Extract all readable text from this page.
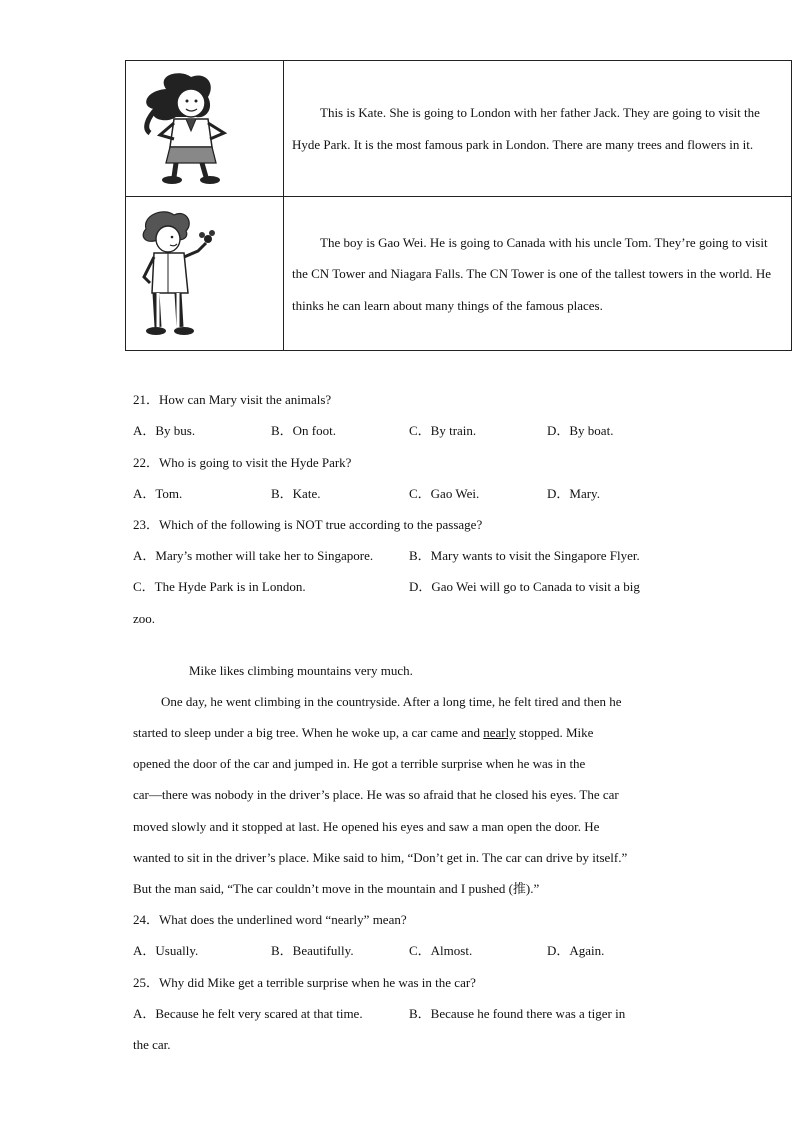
This is Kate. She is going to London with her father Jack. They are going to visit the Hyde Park. It is the most famous park in London. There are many trees and flowers in it.

The boy is Gao Wei. He is going to Canada with his uncle Tom. They’re going to visit the CN Tower and Niagara Falls. The CN Tower is one of the tallest towers in the world. He thinks he can learn about many things of the famous places.

21．How can Mary visit the animals?
A．By bus.	B．On foot.	C．By train.	D．By boat.
22．Who is going to visit the Hyde Park?
A．Tom.	B．Kate.	C．Gao Wei.	D．Mary.
23．Which of the following is NOT true according to the passage?
A．Mary’s mother will take her to Singapore.	B．Mary wants to visit the Singapore Flyer.
C．The Hyde Park is in London.	D．Gao Wei will go to Canada to visit a big
zoo.
Mike likes climbing mountains very much.
One day, he went climbing in the countryside. After a long time, he felt tired and then he
started to sleep under a big tree. When he woke up, a car came and nearly stopped. Mike
opened the door of the car and jumped in. He got a terrible surprise when he was in the
car—there was nobody in the driver’s place. He was so afraid that he closed his eyes. The car
moved slowly and it stopped at last. He opened his eyes and saw a man open the door. He
wanted to sit in the driver’s place. Mike said to him, “Don’t get in. The car can drive by itself.”
But the man said, “The car couldn’t move in the mountain and I pushed (推).”
24．What does the underlined word “nearly” mean?
A．Usually.	B．Beautifully.	C．Almost.	D．Again.
25．Why did Mike get a terrible surprise when he was in the car?
A．Because he felt very scared at that time.	B．Because he found there was a tiger in
the car.
